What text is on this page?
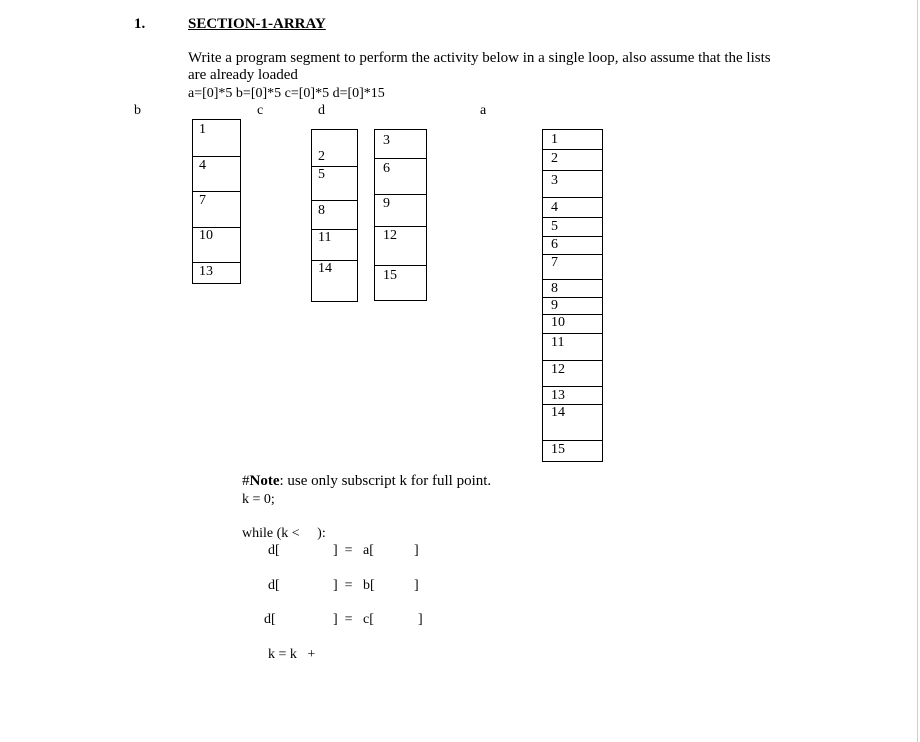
1.	SECTION-1-ARRAY
Write a program segment to perform the activity below in a single loop, also assume that the lists
are already loaded
a=[0]*5 b=[0]*5 c=[0]*5 d=[0]*15
b	c	d	a
1
4
7
10
13
2
5
8
11
14
3
6
9
12
15
1
2
3
4
5
6
7
8
9
10
11
12
13
14
15
#Note: use only subscript k for full point.
k = 0;
while (k <     ):
d[	]  =   a[	]
d[	]  =   b[	]
d[	]  =   c[	]
k = k   +
